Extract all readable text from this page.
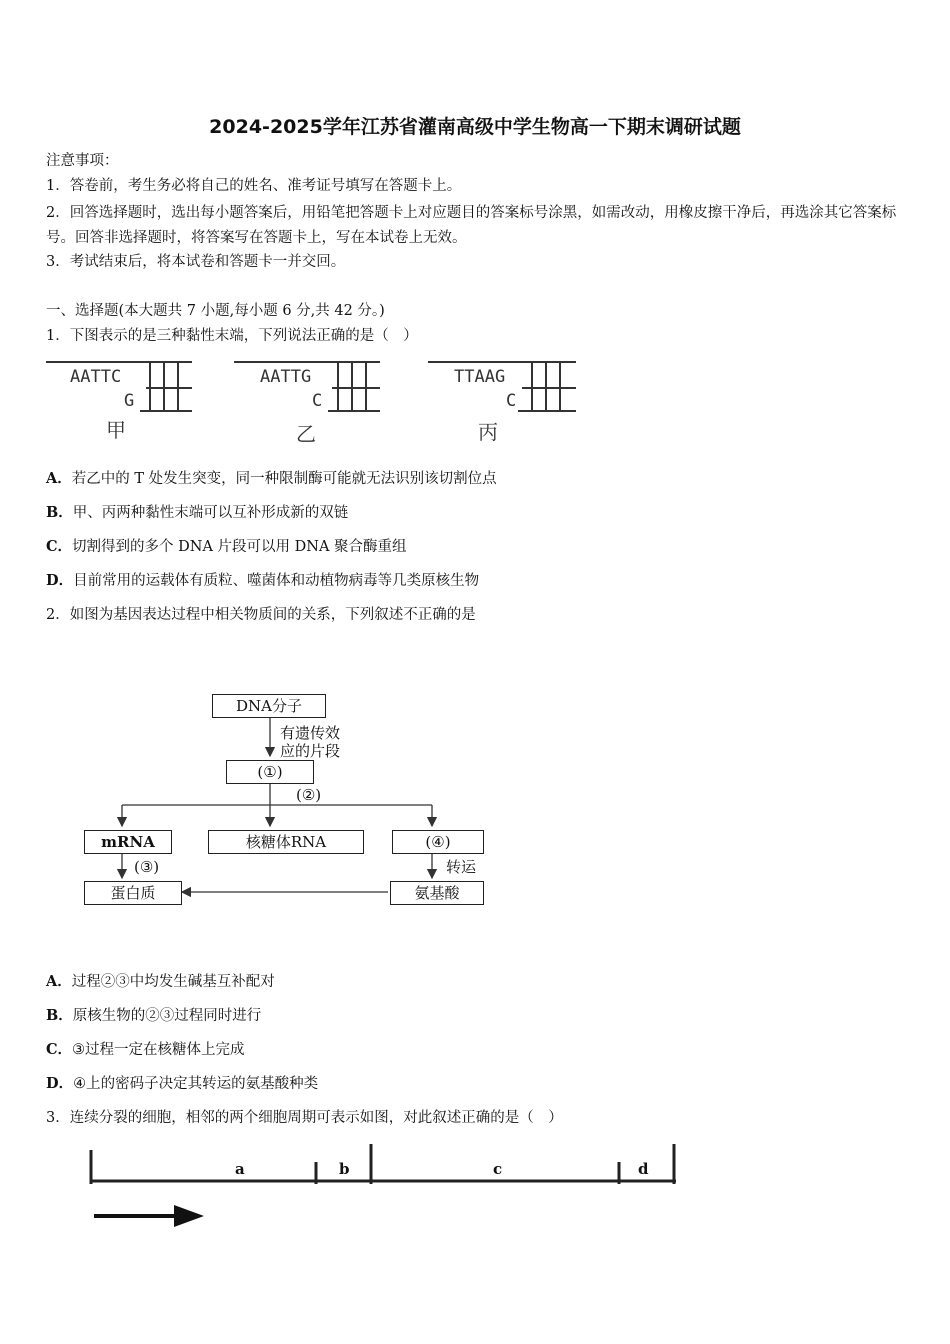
2024-2025学年江苏省灌南高级中学生物高一下期末调研试题
注意事项：
1．答卷前，考生务必将自己的姓名、准考证号填写在答题卡上。
2．回答选择题时，选出每小题答案后，用铅笔把答题卡上对应题目的答案标号涂黑，如需改动，用橡皮擦干净后，再选涂其它答案标号。回答非选择题时，将答案写在答题卡上，写在本试卷上无效。
3．考试结束后，将本试卷和答题卡一并交回。
一、选择题(本大题共 7 小题,每小题 6 分,共 42 分。)
1．下图表示的是三种黏性末端，下列说法正确的是（　）
AATTC
G
甲
AATTG
C
乙
TTAAG
C
丙
A．若乙中的 T 处发生突变，同一种限制酶可能就无法识别该切割位点
B．甲、丙两种黏性末端可以互补形成新的双链
C．切割得到的多个 DNA 片段可以用 DNA 聚合酶重组
D．目前常用的运载体有质粒、噬菌体和动植物病毒等几类原核生物
2．如图为基因表达过程中相关物质间的关系，下列叙述不正确的是
DNA分子
有遗传效
应的片段
(①)
(②)
mRNA	核糖体RNA	(④)
(③)	转运
蛋白质	氨基酸
A．过程②③中均发生碱基互补配对
B．原核生物的②③过程同时进行
C．③过程一定在核糖体上完成
D．④上的密码子决定其转运的氨基酸种类
3．连续分裂的细胞，相邻的两个细胞周期可表示如图，对此叙述正确的是（　）
a	b	c	d
